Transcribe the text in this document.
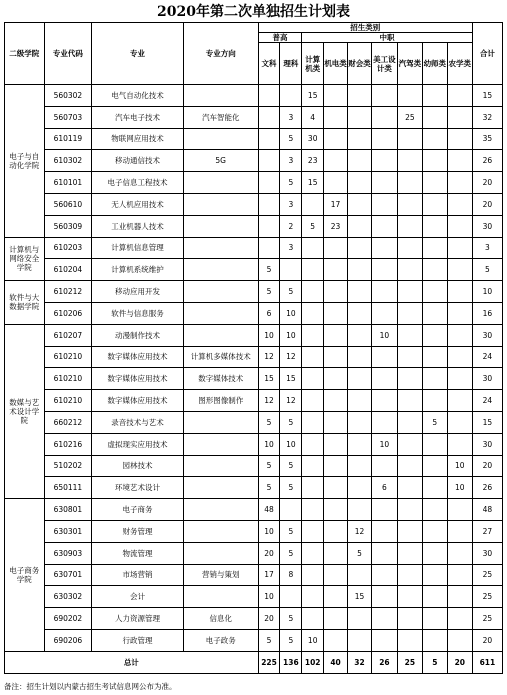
2020年第二次单独招生计划表
二级学院	专业代码	专业	专业方向	招生类别									合计
				普高		中职							
				文科	理科	计算机类	机电类	财会类	美工设计类	汽驾类	幼师类	农学类	
电子与自动化学院	560302	电气自动化技术				15							15
	560703	汽车电子技术	汽车智能化		3	4				25			32
	610119	物联网应用技术			5	30							35
	610302	移动通信技术	5G		3	23							26
	610101	电子信息工程技术			5	15							20
	560610	无人机应用技术			3		17						20
	560309	工业机器人技术			2	5	23						30
计算机与网络安全学院	610203	计算机信息管理			3								3
	610204	计算机系统维护		5									5
软件与大数据学院	610212	移动应用开发		5	5								10
	610206	软件与信息服务		6	10								16
数媒与艺术设计学院	610207	动漫制作技术		10	10				10				30
	610210	数字媒体应用技术	计算机多媒体技术	12	12								24
	610210	数字媒体应用技术	数字媒体技术	15	15								30
	610210	数字媒体应用技术	图形图像制作	12	12								24
	660212	录音技术与艺术		5	5						5		15
	610216	虚拟现实应用技术		10	10				10				30
	510202	园林技术		5	5							10	20
	650111	环境艺术设计		5	5				6			10	26
电子商务学院	630801	电子商务		48									48
	630301	财务管理		10	5			12					27
	630903	物流管理		20	5			5					30
	630701	市场营销	营销与策划	17	8								25
	630302	会计		10				15					25
	690202	人力资源管理	信息化	20	5								25
	690206	行政管理	电子政务	5	5	10							20
总计				225	136	102	40	32	26	25	5	20	611
备注：招生计划以内蒙古招生考试信息网公布为准。
